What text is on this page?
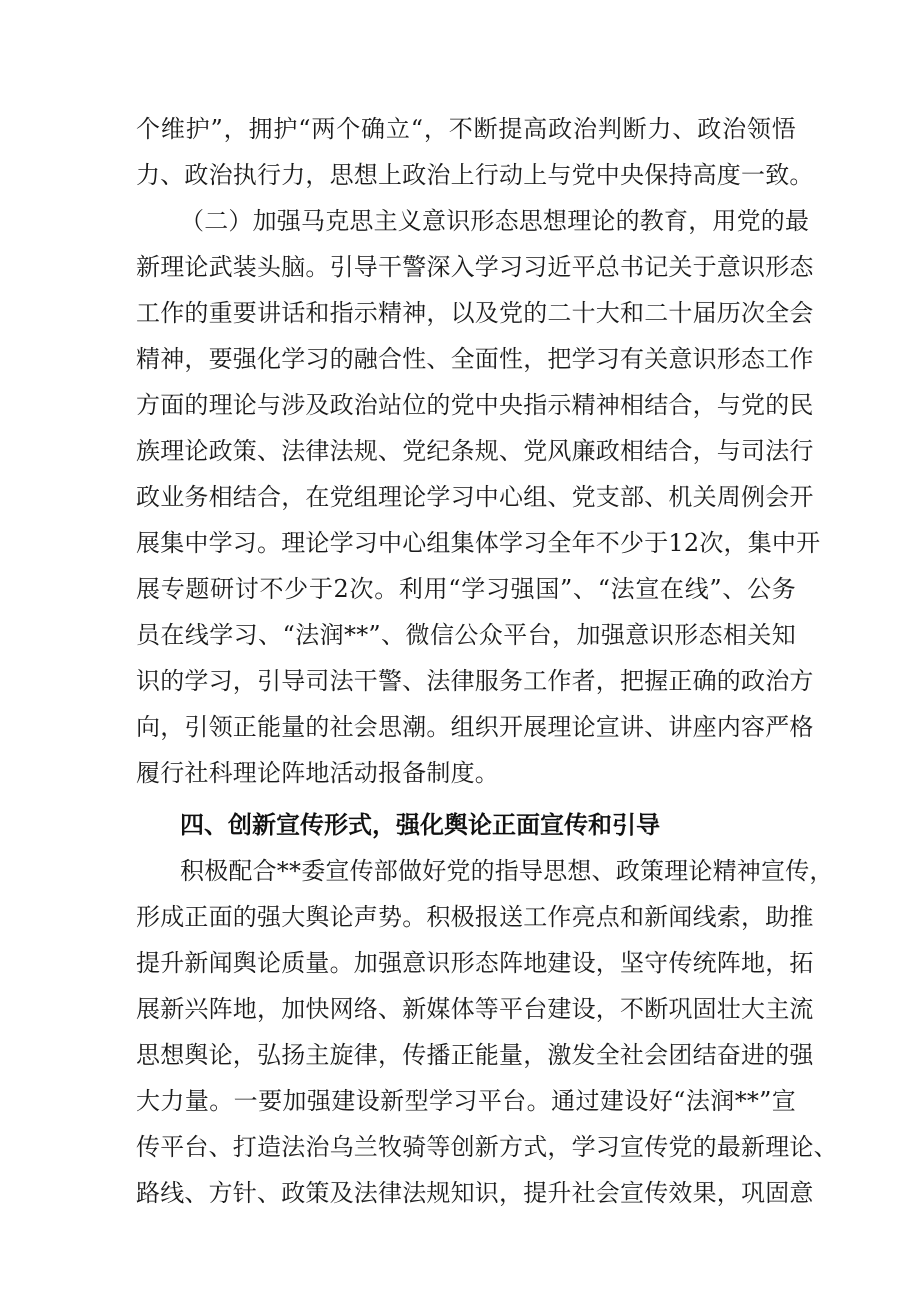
个维护”，拥护“两个确立“，不断提高政治判断力、政治领悟
力、政治执行力，思想上政治上行动上与党中央保持高度一致。
（二）加强马克思主义意识形态思想理论的教育，用党的最
新理论武装头脑。引导干警深入学习习近平总书记关于意识形态
工作的重要讲话和指示精神，以及党的二十大和二十届历次全会
精神，要强化学习的融合性、全面性，把学习有关意识形态工作
方面的理论与涉及政治站位的党中央指示精神相结合，与党的民
族理论政策、法律法规、党纪条规、党风廉政相结合，与司法行
政业务相结合，在党组理论学习中心组、党支部、机关周例会开
展集中学习。理论学习中心组集体学习全年不少于12次，集中开
展专题研讨不少于2次。利用“学习强国”、“法宣在线”、公务
员在线学习、“法润**”、微信公众平台，加强意识形态相关知
识的学习，引导司法干警、法律服务工作者，把握正确的政治方
向，引领正能量的社会思潮。组织开展理论宣讲、讲座内容严格
履行社科理论阵地活动报备制度。
四、创新宣传形式，强化舆论正面宣传和引导
积极配合**委宣传部做好党的指导思想、政策理论精神宣传，
形成正面的强大舆论声势。积极报送工作亮点和新闻线索，助推
提升新闻舆论质量。加强意识形态阵地建设，坚守传统阵地，拓
展新兴阵地，加快网络、新媒体等平台建设，不断巩固壮大主流
思想舆论，弘扬主旋律，传播正能量，激发全社会团结奋进的强
大力量。一要加强建设新型学习平台。通过建设好“法润**”宣
传平台、打造法治乌兰牧骑等创新方式，学习宣传党的最新理论、
路线、方针、政策及法律法规知识，提升社会宣传效果，巩固意
